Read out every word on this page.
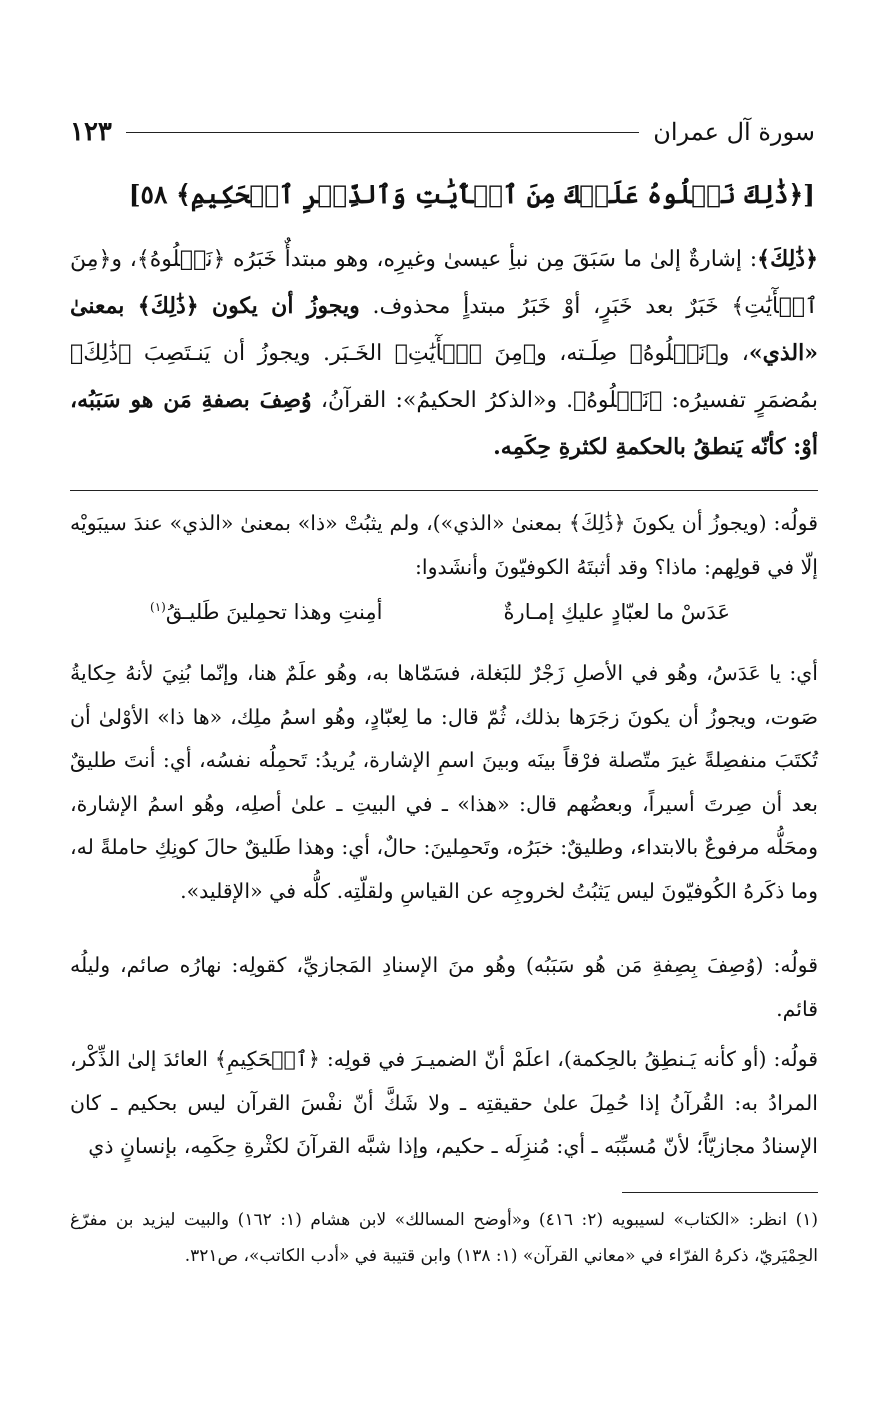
سورة آل عمران
١٢٣
[﴿ذَٰلِكَ نَتۡلُوهُ عَلَيۡكَ مِنَ ٱلۡأٓيَٰتِ وَٱلذِّكۡرِ ٱلۡحَكِيمِ﴾ ٥٨]
﴿ذَٰلِكَ﴾: إشارةٌ إلىٰ ما سَبَقَ مِن نبأِ عيسىٰ وغيرِه، وهو مبتدأٌ خَبَرُه ﴿نَتۡلُوهُ﴾، و﴿مِنَ ٱلۡأٓيَٰتِ﴾ خَبَرٌ بعد خَبَرٍ، أوْ خَبَرُ مبتدأٍ محذوف. ويجوزُ أن يكون ﴿ذَٰلِكَ﴾ بمعنىٰ «الذي»، و﴿نَتۡلُوهُ﴾ صِلَـته، و﴿مِنَ ٱلۡأٓيَٰتِ﴾ الخَـبَر. ويجوزُ أن يَنـتَصِبَ ﴿ذَٰلِكَ﴾ بمُضمَرٍ تفسيرُه: ﴿نَتۡلُوهُ﴾. و«الذكرُ الحكيمُ»: القرآنُ، وُصِفَ بصفةِ مَن هو سَبَبُه، أوْ: كأنّه يَنطقُ بالحكمةِ لكثرةِ حِكَمِه.
قولُه: (ويجوزُ أن يكونَ ﴿ذَٰلِكَ﴾ بمعنىٰ «الذي»)، ولم يثبُتْ «ذا» بمعنىٰ «الذي» عندَ سيبَويْه إلّا في قولِهم: ماذا؟ وقد أثبتَهُ الكوفيّونَ وأنشَدوا:
عَدَسْ ما لعبّادٍ عليكِ إمـارةٌ
أمِنتِ وهذا تحمِلينَ طَليـقُ$^{(١)}$
أي: يا عَدَسُ، وهُو في الأصلِ زَجْرٌ للبَغلة، فسَمّاها به، وهُو علَمٌ هنا، وإنّما بُنِيَ لأنهُ حِكايةُ صَوت، ويجوزُ أن يكونَ زجَرَها بذلك، ثُمّ قال: ما لِعبّادٍ، وهُو اسمُ ملِك، «ها ذا» الأوْلىٰ أن تُكتَبَ منفصِلةً غيرَ متّصلة فرْقاً بينَه وبينَ اسمِ الإشارة، يُريدُ: تَحمِلُه نفسُه، أي: أنتَ طليقٌ بعد أن صِرتَ أسيراً، وبعضُهم قال: «هذا» ـ في البيتِ ـ علىٰ أصلِه، وهُو اسمُ الإشارة، ومحَلُّه مرفوعٌ بالابتداء، وطليقٌ: خبَرُه، وتَحمِلينَ: حالٌ، أي: وهذا طَليقٌ حالَ كونِكِ حاملةً له، وما ذكَرهُ الكُوفيّونَ ليس يَثبُتُ لخروجِه عن القياسِ ولقلّتِه. كلُّه في «الإقليد».
قولُه: (وُصِفَ بِصِفةِ مَن هُو سَبَبُه) وهُو منَ الإسنادِ المَجازيِّ، كقولِه: نهارُه صائم، وليلُه قائم.
قولُه: (أو كأنه يَـنطِقُ بالحِكمة)، اعلَمْ أنّ الضميـرَ في قولِه: ﴿ٱلۡحَكِيمِ﴾ العائدَ إلىٰ الذِّكْر، المرادُ به: القُرآنُ إذا حُمِلَ علىٰ حقيقتِه ـ ولا شَكَّ أنّ نفْسَ القرآن ليس بحكيم ـ كان الإسنادُ مجازيّاً؛ لأنّ مُسبِّبَه ـ أي: مُنزِلَه ـ حكيم، وإذا شبَّه القرآنَ لكثْرةِ حِكَمِه، بإنسانٍ ذي
(١) انظر: «الكتاب» لسيبويه (٢: ٤١٦) و«أوضح المسالك» لابن هشام (١: ١٦٢) والبيت ليزيد بن مفرّغ الحِمْيَريّ، ذكرهُ الفرّاء في «معاني القرآن» (١: ١٣٨) وابن قتيبة في «أدب الكاتب»، ص٣٢١.
